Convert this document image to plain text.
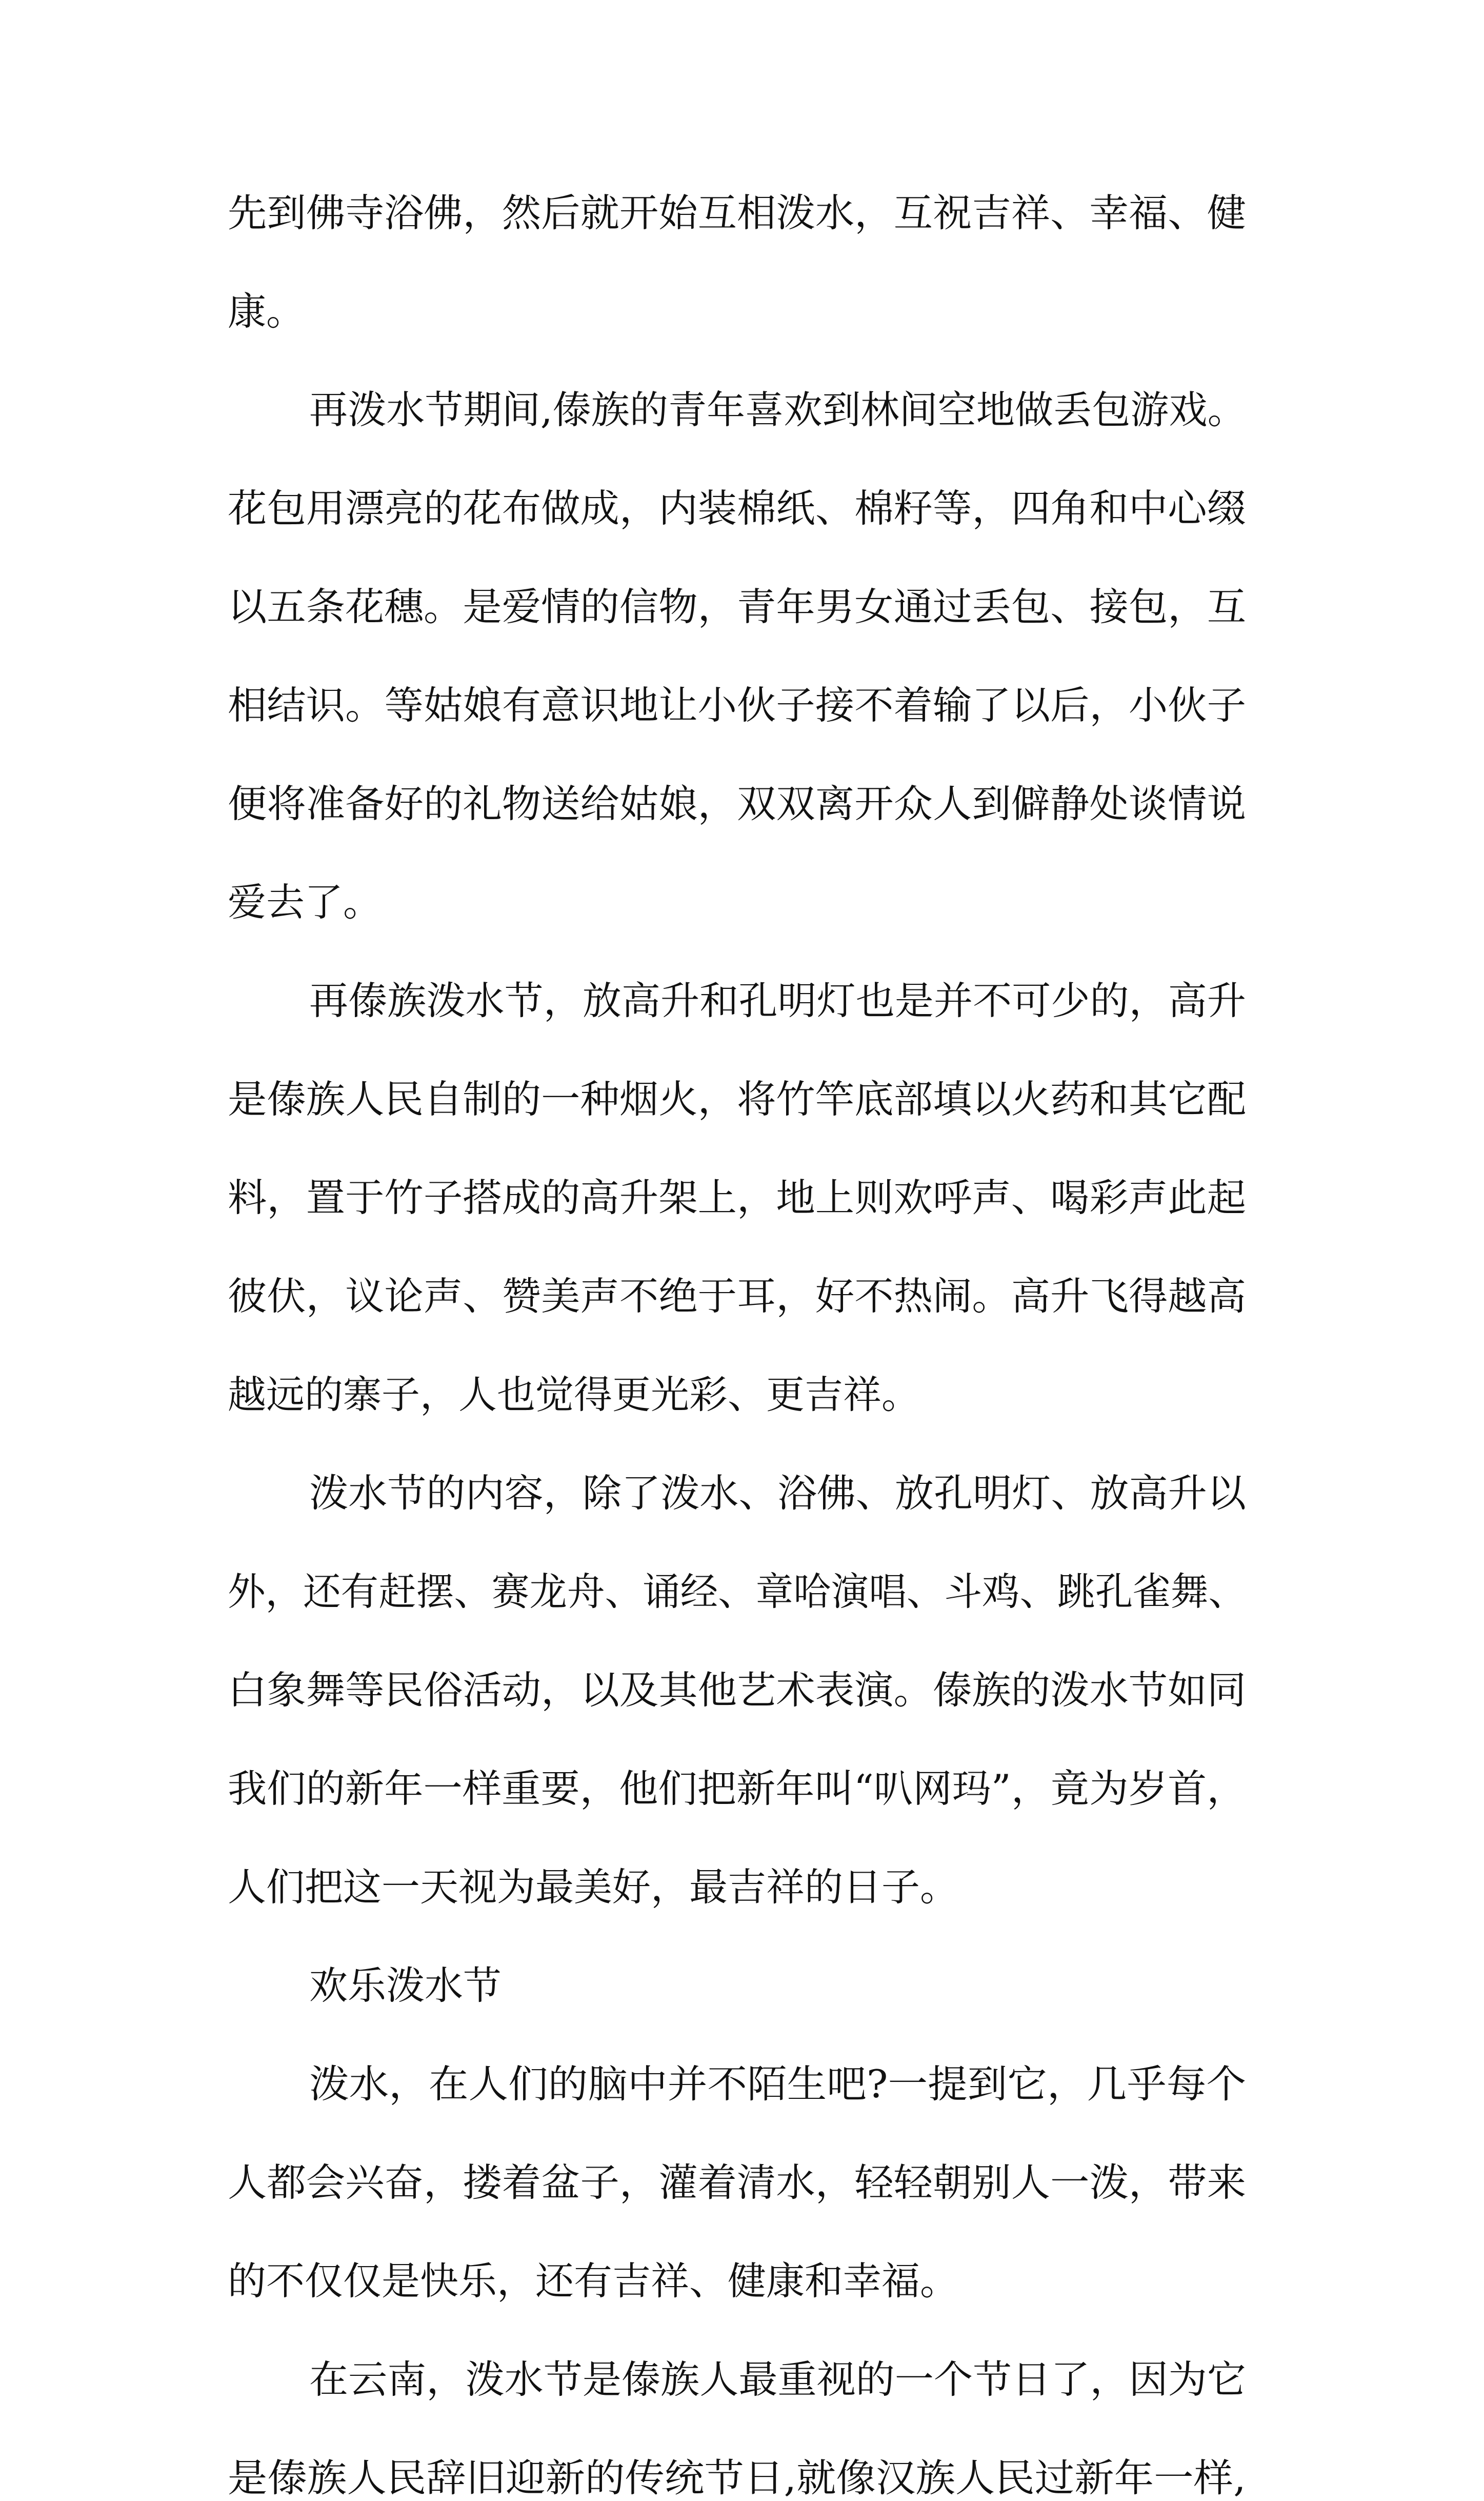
先到佛寺浴佛，然后就开始互相泼水，互祝吉祥、幸福、健
康。
再泼水节期间,傣族的青年喜欢到林间空地做丢包游戏。
花包用漂亮的花布做成，内装棉纸、棉籽等，四角和中心缀
以五条花穗。是爱情的信物，青年男女通过丢包、接包，互
相结识。等姑娘有意识地让小伙子接不着输了以后，小伙子
便将准备好的礼物送给姑娘，双双离开众人到僻静处谈情说
爱去了。
再傣族泼水节，放高升和孔明灯也是并不可少的，高升
是傣族人民自制的一种烟火，将竹竿底部填以火药和其它配
料，置于竹子搭成的高升架上，地上则欢呼声、喝彩声此起
彼伏，议论声、赞美声不绝于耳，好不热闹。高升飞得越高
越远的寨子，人也觉得更光彩、更吉祥。
泼水节的内容，除了泼水、浴佛、放孔明灯、放高升以
外，还有赶摆、赛龙舟、诵经、章哈演唱、斗鸡、跳孔雀舞、
白象舞等民俗活动，以及其他艺术表演。傣族的泼水节如同
我们的新年一样重要，他们把新年叫“叭网玛”，竟为岁首，
人们把这一天视为最美好，最吉祥的日子。
欢乐泼水节
泼水，在人们的脑中并不陌生吧?一提到它，几乎每个
人都会兴奋，搂着盆子，灌着清水，轻轻朝别人一泼，带来
的不仅仅是快乐，还有吉祥、健康和幸福。
在云南，泼水节是傣族人最重视的一个节日了，因为它
是傣族人民辞旧迎新的传统节日,就像汉族人民过新年一样,
